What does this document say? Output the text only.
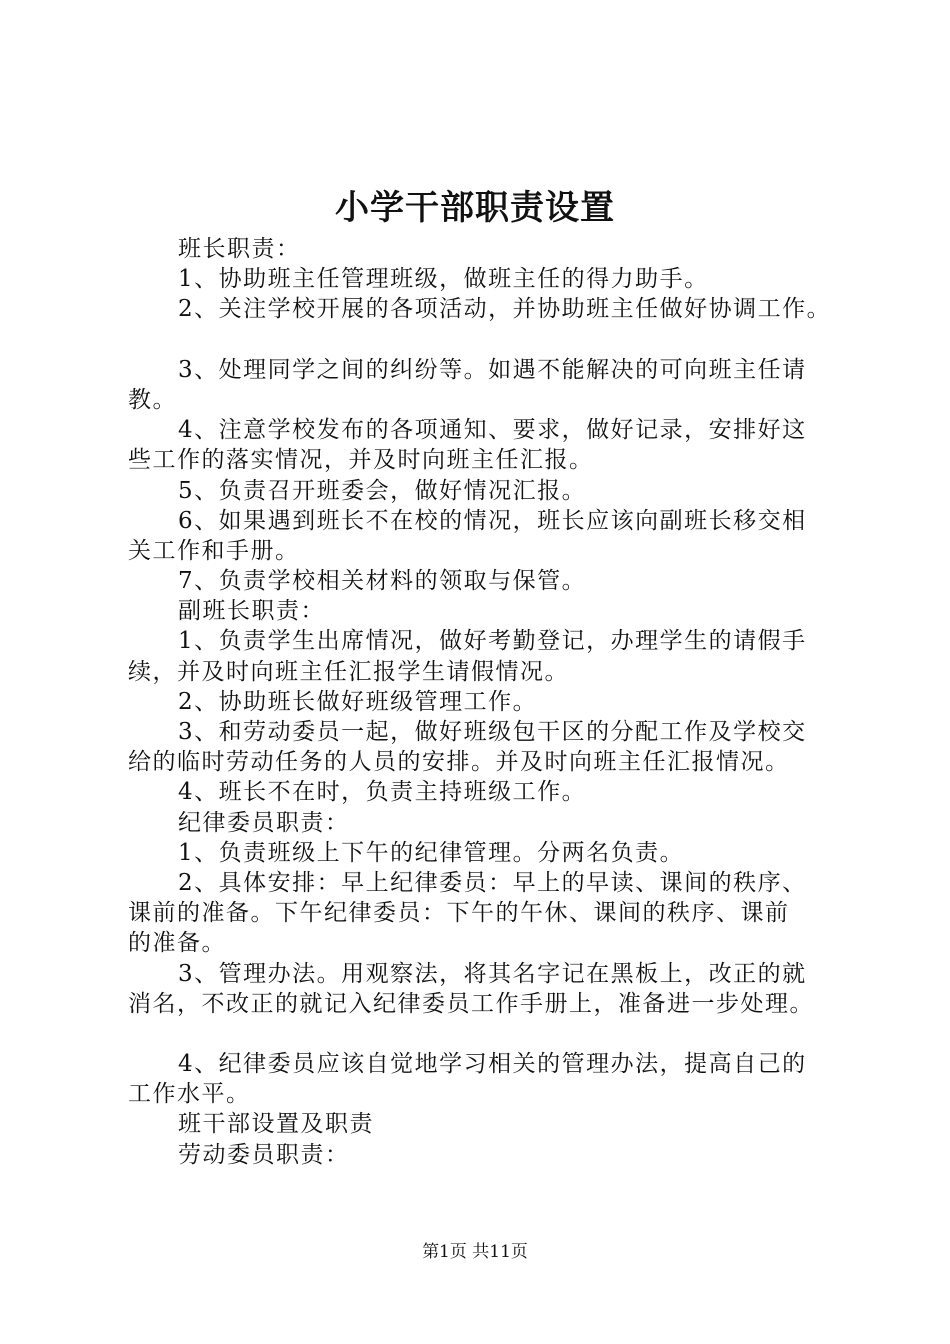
小学干部职责设置
班长职责：
1、协助班主任管理班级，做班主任的得力助手。
2、关注学校开展的各项活动，并协助班主任做好协调工作。
3、处理同学之间的纠纷等。如遇不能解决的可向班主任请
教。
4、注意学校发布的各项通知、要求，做好记录，安排好这
些工作的落实情况，并及时向班主任汇报。
5、负责召开班委会，做好情况汇报。
6、如果遇到班长不在校的情况，班长应该向副班长移交相
关工作和手册。
7、负责学校相关材料的领取与保管。
副班长职责：
1、负责学生出席情况，做好考勤登记，办理学生的请假手
续，并及时向班主任汇报学生请假情况。
2、协助班长做好班级管理工作。
3、和劳动委员一起，做好班级包干区的分配工作及学校交
给的临时劳动任务的人员的安排。并及时向班主任汇报情况。
4、班长不在时，负责主持班级工作。
纪律委员职责：
1、负责班级上下午的纪律管理。分两名负责。
2、具体安排：早上纪律委员：早上的早读、课间的秩序、
课前的准备。下午纪律委员：下午的午休、课间的秩序、课前
的准备。
3、管理办法。用观察法，将其名字记在黑板上，改正的就
消名，不改正的就记入纪律委员工作手册上，准备进一步处理。
4、纪律委员应该自觉地学习相关的管理办法，提高自己的
工作水平。
班干部设置及职责
劳动委员职责：
第1页 共11页
